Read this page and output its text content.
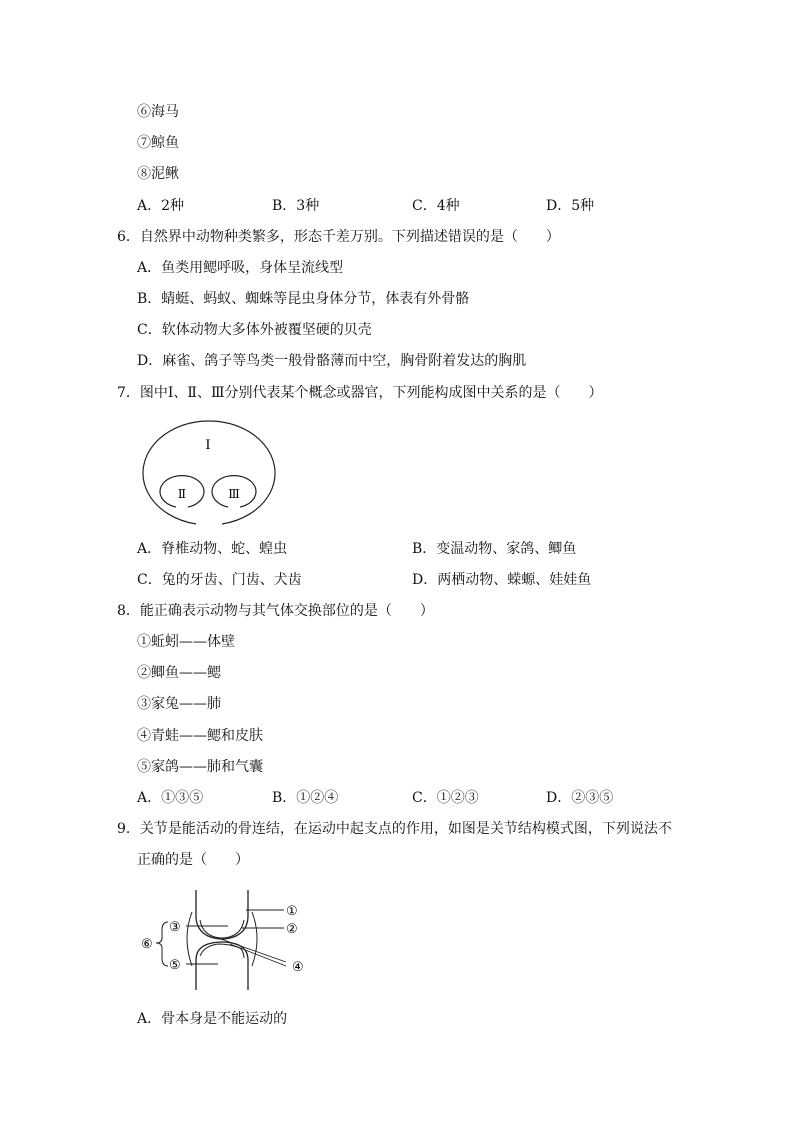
⑥海马
⑦鲸鱼
⑧泥鳅
A．2种	B．3种	C．4种	D．5种
6．自然界中动物种类繁多，形态千差万别。下列描述错误的是（　　）
A．鱼类用鳃呼吸，身体呈流线型
B．蜻蜓、蚂蚁、蜘蛛等昆虫身体分节，体表有外骨骼
C．软体动物大多体外被覆坚硬的贝壳
D．麻雀、鸽子等鸟类一般骨骼薄而中空，胸骨附着发达的胸肌
7．图中Ⅰ、Ⅱ、Ⅲ分别代表某个概念或器官，下列能构成图中关系的是（　　）
Ⅰ
Ⅱ	Ⅲ
A．脊椎动物、蛇、蝗虫	B．变温动物、家鸽、鲫鱼
C．兔的牙齿、门齿、犬齿	D．两栖动物、蝾螈、娃娃鱼
8．能正确表示动物与其气体交换部位的是（　　）
①蚯蚓——体壁
②鲫鱼——鳃
③家兔——肺
④青蛙——鳃和皮肤
⑤家鸽——肺和气囊
A．①③⑤	B．①②④	C．①②③	D．②③⑤
9．关节是能活动的骨连结，在运动中起支点的作用，如图是关节结构模式图，下列说法不
正确的是（　　）
①
②
③
④
⑤
⑥
A．骨本身是不能运动的
